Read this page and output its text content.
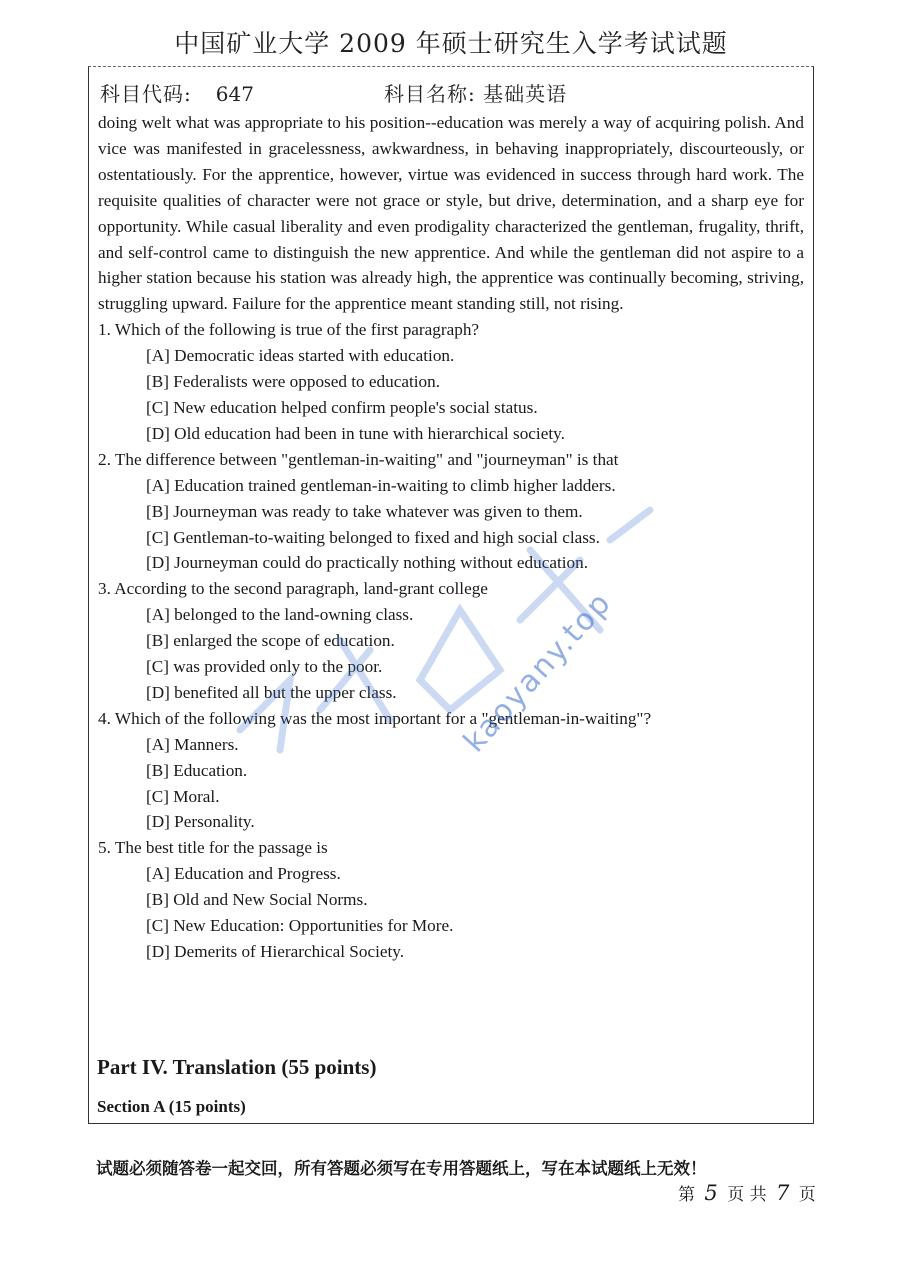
中国矿业大学 2009 年硕士研究生入学考试试题
科目代码: 647	科目名称: 基础英语

doing welt what was appropriate to his position--education was merely a way of acquiring polish. And vice was manifested in gracelessness, awkwardness, in behaving inappropriately, discourteously, or ostentatiously. For the apprentice, however, virtue was evidenced in success through hard work. The requisite qualities of character were not grace or style, but drive, determination, and a sharp eye for opportunity. While casual liberality and even prodigality characterized the gentleman, frugality, thrift, and self-control came to distinguish the new apprentice. And while the gentleman did not aspire to a higher station because his station was already high, the apprentice was continually becoming, striving, struggling upward. Failure for the apprentice meant standing still, not rising.

1. Which of the following is true of the first paragraph?

[A] Democratic ideas started with education.

[B] Federalists were opposed to education.

[C] New education helped confirm people's social status.

[D] Old education had been in tune with hierarchical society.

2. The difference between "gentleman-in-waiting" and "journeyman" is that

[A] Education trained gentleman-in-waiting to climb higher ladders.

[B] Journeyman was ready to take whatever was given to them.

[C] Gentleman-to-waiting belonged to fixed and high social class.

[D] Journeyman could do practically nothing without education.

3. According to the second paragraph, land-grant college

[A] belonged to the land-owning class.

[B] enlarged the scope of education.

[C] was provided only to the poor.

[D] benefited all but the upper class.

4. Which of the following was the most important for a "gentleman-in-waiting"?

[A] Manners.

[B] Education.

[C] Moral.

[D] Personality.

5. The best title for the passage is

[A] Education and Progress.

[B] Old and New Social Norms.

[C] New Education: Opportunities for More.

[D] Demerits of Hierarchical Society.

Part IV. Translation (55 points)
Section A (15 points)
试题必须随答卷一起交回，所有答题必须写在专用答题纸上，写在本试题纸上无效！
第 5 页 共 7 页
kaoyany.top
